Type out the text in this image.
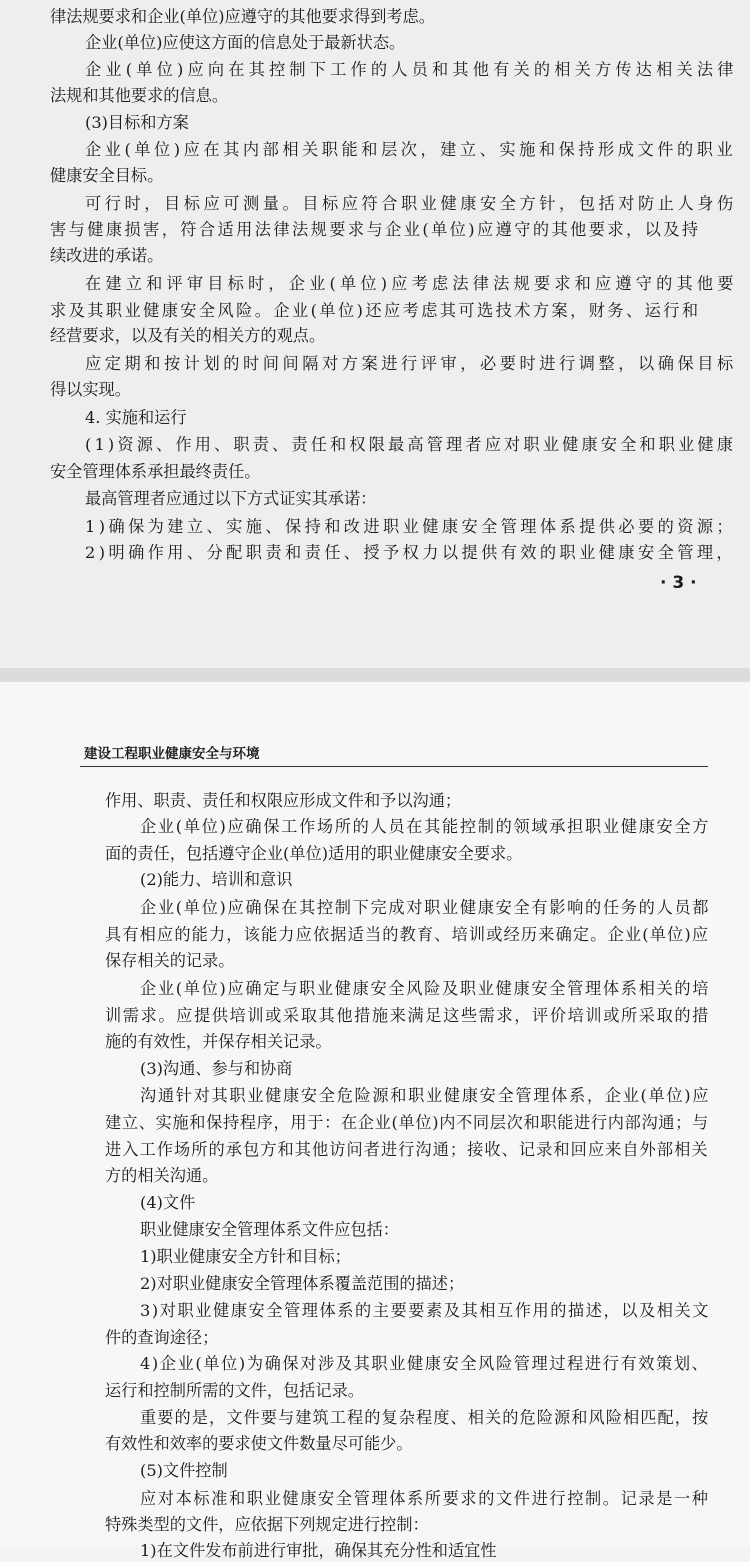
律法规要求和企业(单位)应遵守的其他要求得到考虑。
企业(单位)应使这方面的信息处于最新状态。
企业(单位)应向在其控制下工作的人员和其他有关的相关方传达相关法律
法规和其他要求的信息。
(3)目标和方案
企业(单位)应在其内部相关职能和层次，建立、实施和保持形成文件的职业
健康安全目标。
可行时，目标应可测量。目标应符合职业健康安全方针，包括对防止人身伤
害与健康损害，符合适用法律法规要求与企业(单位)应遵守的其他要求，以及持
续改进的承诺。
在建立和评审目标时，企业(单位)应考虑法律法规要求和应遵守的其他要
求及其职业健康安全风险。企业(单位)还应考虑其可选技术方案，财务、运行和
经营要求，以及有关的相关方的观点。
应定期和按计划的时间间隔对方案进行评审，必要时进行调整，以确保目标
得以实现。
4. 实施和运行
(1)资源、作用、职责、责任和权限最高管理者应对职业健康安全和职业健康
安全管理体系承担最终责任。
最高管理者应通过以下方式证实其承诺：
1)确保为建立、实施、保持和改进职业健康安全管理体系提供必要的资源；
2)明确作用、分配职责和责任、授予权力以提供有效的职业健康安全管理，
· 3 ·
建设工程职业健康安全与环境
作用、职责、责任和权限应形成文件和予以沟通；
企业(单位)应确保工作场所的人员在其能控制的领域承担职业健康安全方
面的责任，包括遵守企业(单位)适用的职业健康安全要求。
(2)能力、培训和意识
企业(单位)应确保在其控制下完成对职业健康安全有影响的任务的人员都
具有相应的能力，该能力应依据适当的教育、培训或经历来确定。企业(单位)应
保存相关的记录。
企业(单位)应确定与职业健康安全风险及职业健康安全管理体系相关的培
训需求。应提供培训或采取其他措施来满足这些需求，评价培训或所采取的措
施的有效性，并保存相关记录。
(3)沟通、参与和协商
沟通针对其职业健康安全危险源和职业健康安全管理体系，企业(单位)应
建立、实施和保持程序，用于：在企业(单位)内不同层次和职能进行内部沟通；与
进入工作场所的承包方和其他访问者进行沟通；接收、记录和回应来自外部相关
方的相关沟通。
(4)文件
职业健康安全管理体系文件应包括：
1)职业健康安全方针和目标；
2)对职业健康安全管理体系覆盖范围的描述；
3)对职业健康安全管理体系的主要要素及其相互作用的描述，以及相关文
件的查询途径；
4)企业(单位)为确保对涉及其职业健康安全风险管理过程进行有效策划、
运行和控制所需的文件，包括记录。
重要的是，文件要与建筑工程的复杂程度、相关的危险源和风险相匹配，按
有效性和效率的要求使文件数量尽可能少。
(5)文件控制
应对本标准和职业健康安全管理体系所要求的文件进行控制。记录是一种
特殊类型的文件，应依据下列规定进行控制：
1)在文件发布前进行审批，确保其充分性和适宜性
